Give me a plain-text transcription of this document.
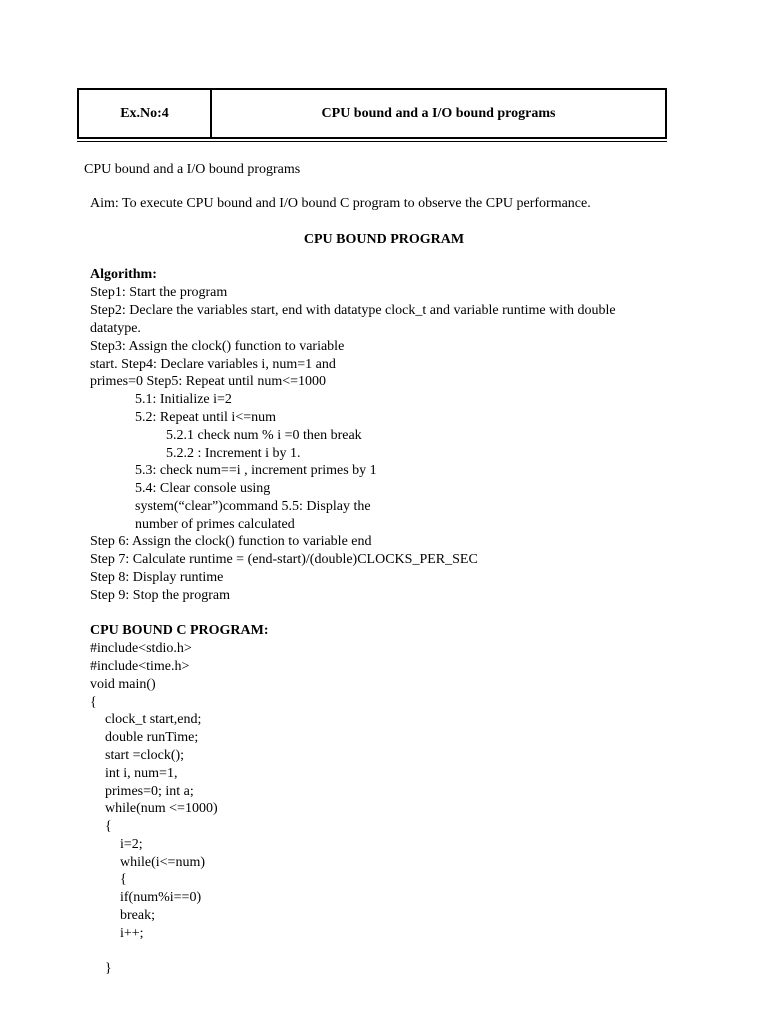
Ex.No:4	CPU bound and a I/O bound programs
CPU bound and a I/O bound programs
Aim: To execute CPU bound and I/O bound C program to observe the CPU performance.
CPU BOUND PROGRAM
Algorithm:
Step1: Start the program
Step2: Declare the variables start, end with datatype clock_t and variable runtime with double
datatype.
Step3: Assign the clock() function to variable
start. Step4: Declare variables i, num=1 and
primes=0 Step5: Repeat until num<=1000
5.1: Initialize i=2
5.2: Repeat until i<=num
5.2.1 check num % i =0 then break
5.2.2 : Increment i by 1.
5.3: check num==i , increment primes by 1
5.4: Clear console using
system(“clear”)command 5.5: Display the
number of primes calculated
Step 6: Assign the clock() function to variable end
Step 7: Calculate runtime = (end-start)/(double)CLOCKS_PER_SEC
Step 8: Display runtime
Step 9: Stop the program
CPU BOUND C PROGRAM:
#include<stdio.h>
#include<time.h>
void main()
{
clock_t start,end;
double runTime;
start =clock();
int i, num=1,
primes=0; int a;
while(num <=1000)
{
i=2;
while(i<=num)
{
if(num%i==0)
break;
i++;
}
